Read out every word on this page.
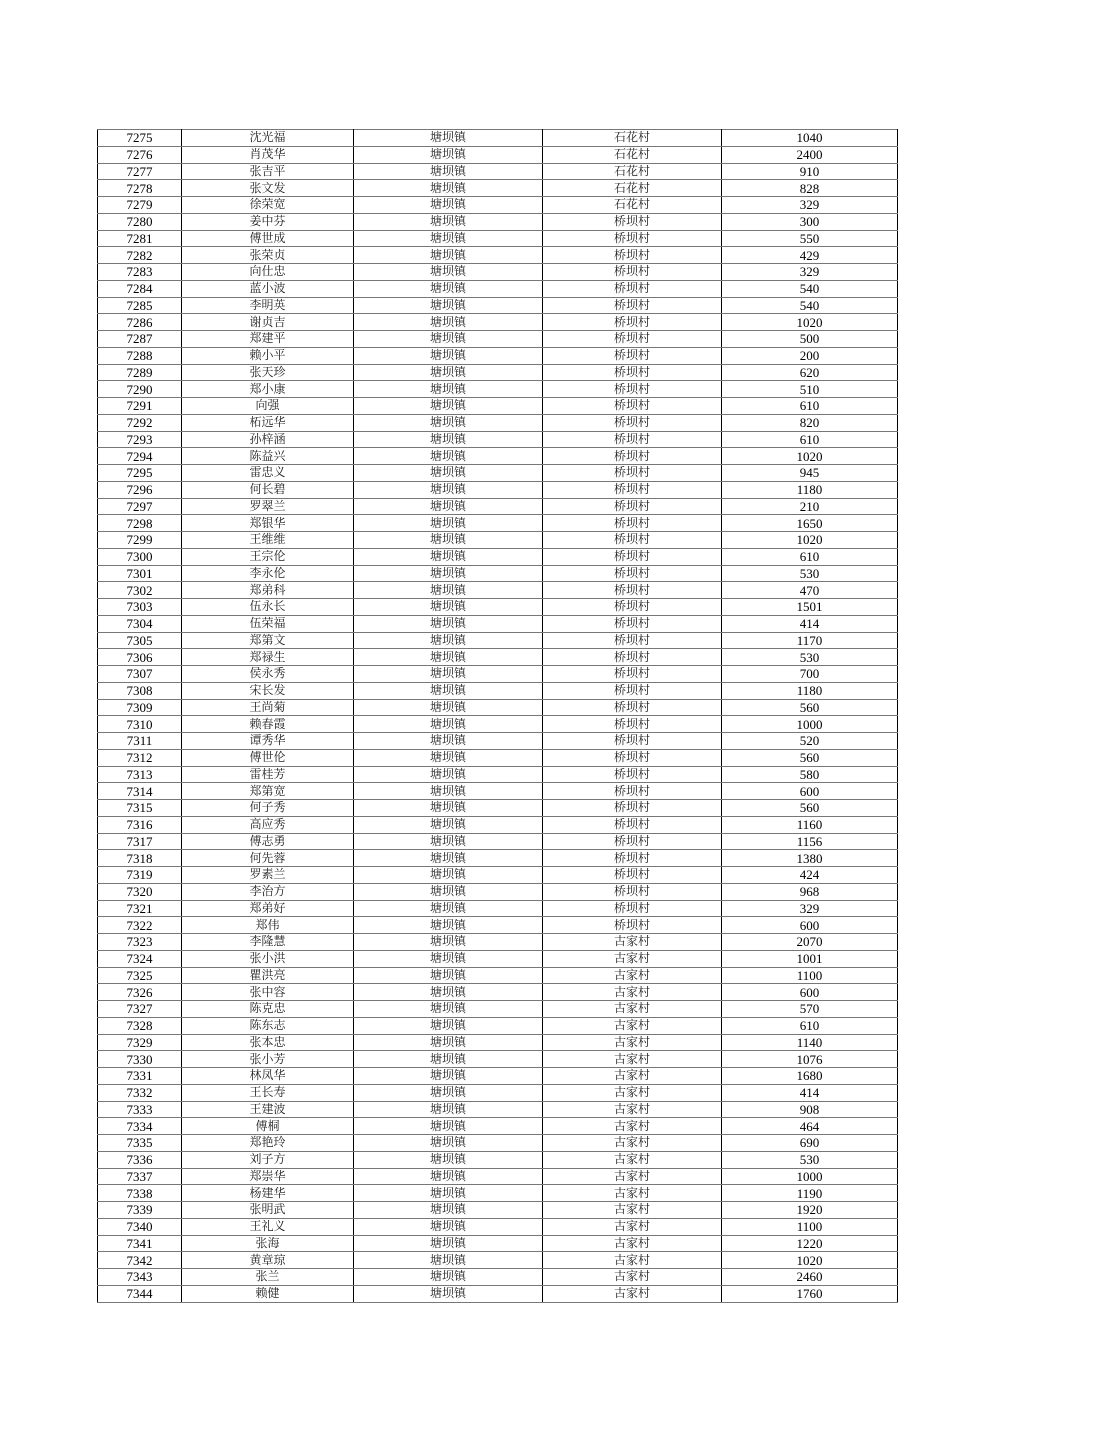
7275	沈光福	塘坝镇	石花村	1040
7276	肖茂华	塘坝镇	石花村	2400
7277	张吉平	塘坝镇	石花村	910
7278	张文发	塘坝镇	石花村	828
7279	徐荣宽	塘坝镇	石花村	329
7280	姜中芬	塘坝镇	桥坝村	300
7281	傅世成	塘坝镇	桥坝村	550
7282	张荣贞	塘坝镇	桥坝村	429
7283	向仕忠	塘坝镇	桥坝村	329
7284	蓝小波	塘坝镇	桥坝村	540
7285	李明英	塘坝镇	桥坝村	540
7286	谢贞吉	塘坝镇	桥坝村	1020
7287	郑建平	塘坝镇	桥坝村	500
7288	赖小平	塘坝镇	桥坝村	200
7289	张天珍	塘坝镇	桥坝村	620
7290	郑小康	塘坝镇	桥坝村	510
7291	向强	塘坝镇	桥坝村	610
7292	柘远华	塘坝镇	桥坝村	820
7293	孙梓涵	塘坝镇	桥坝村	610
7294	陈益兴	塘坝镇	桥坝村	1020
7295	雷忠义	塘坝镇	桥坝村	945
7296	何长碧	塘坝镇	桥坝村	1180
7297	罗翠兰	塘坝镇	桥坝村	210
7298	郑银华	塘坝镇	桥坝村	1650
7299	王维维	塘坝镇	桥坝村	1020
7300	王宗伦	塘坝镇	桥坝村	610
7301	李永伦	塘坝镇	桥坝村	530
7302	郑弟科	塘坝镇	桥坝村	470
7303	伍永长	塘坝镇	桥坝村	1501
7304	伍荣福	塘坝镇	桥坝村	414
7305	郑第文	塘坝镇	桥坝村	1170
7306	郑禄生	塘坝镇	桥坝村	530
7307	侯永秀	塘坝镇	桥坝村	700
7308	宋长发	塘坝镇	桥坝村	1180
7309	王尚菊	塘坝镇	桥坝村	560
7310	赖春霞	塘坝镇	桥坝村	1000
7311	谭秀华	塘坝镇	桥坝村	520
7312	傅世伦	塘坝镇	桥坝村	560
7313	雷桂芳	塘坝镇	桥坝村	580
7314	郑第宽	塘坝镇	桥坝村	600
7315	何子秀	塘坝镇	桥坝村	560
7316	高应秀	塘坝镇	桥坝村	1160
7317	傅志勇	塘坝镇	桥坝村	1156
7318	何先蓉	塘坝镇	桥坝村	1380
7319	罗素兰	塘坝镇	桥坝村	424
7320	李治方	塘坝镇	桥坝村	968
7321	郑弟好	塘坝镇	桥坝村	329
7322	郑伟	塘坝镇	桥坝村	600
7323	李隆慧	塘坝镇	古家村	2070
7324	张小洪	塘坝镇	古家村	1001
7325	瞿洪亮	塘坝镇	古家村	1100
7326	张中容	塘坝镇	古家村	600
7327	陈克忠	塘坝镇	古家村	570
7328	陈东志	塘坝镇	古家村	610
7329	张本忠	塘坝镇	古家村	1140
7330	张小芳	塘坝镇	古家村	1076
7331	林凤华	塘坝镇	古家村	1680
7332	王长寿	塘坝镇	古家村	414
7333	王建波	塘坝镇	古家村	908
7334	傅桐	塘坝镇	古家村	464
7335	郑艳玲	塘坝镇	古家村	690
7336	刘子方	塘坝镇	古家村	530
7337	郑崇华	塘坝镇	古家村	1000
7338	杨建华	塘坝镇	古家村	1190
7339	张明武	塘坝镇	古家村	1920
7340	王礼义	塘坝镇	古家村	1100
7341	张海	塘坝镇	古家村	1220
7342	黄章琼	塘坝镇	古家村	1020
7343	张兰	塘坝镇	古家村	2460
7344	赖健	塘坝镇	古家村	1760
